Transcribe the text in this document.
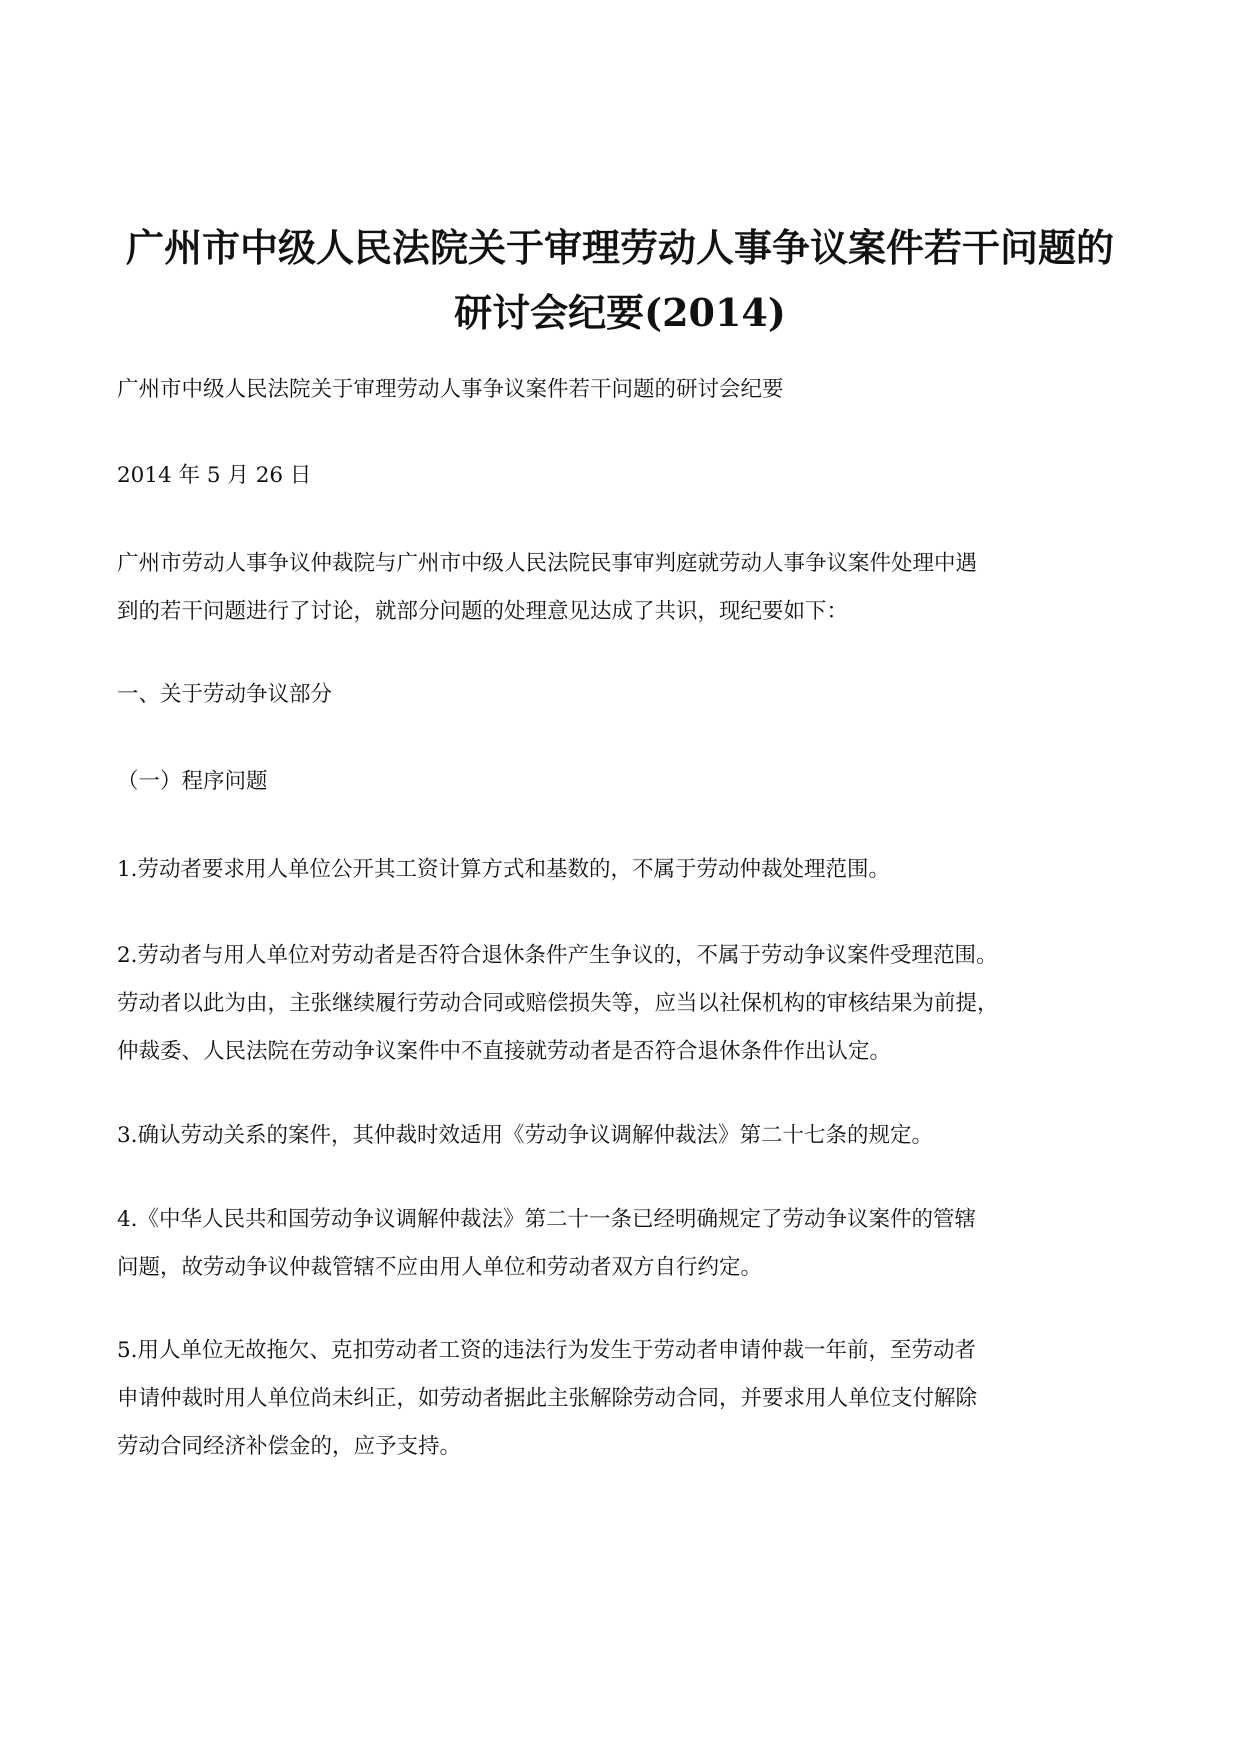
广州市中级人民法院关于审理劳动人事争议案件若干问题的
研讨会纪要(2014)

广州市中级人民法院关于审理劳动人事争议案件若干问题的研讨会纪要

2014 年 5 月 26 日

广州市劳动人事争议仲裁院与广州市中级人民法院民事审判庭就劳动人事争议案件处理中遇

到的若干问题进行了讨论，就部分问题的处理意见达成了共识，现纪要如下：

一、关于劳动争议部分

（一）程序问题

1.劳动者要求用人单位公开其工资计算方式和基数的，不属于劳动仲裁处理范围。

2.劳动者与用人单位对劳动者是否符合退休条件产生争议的，不属于劳动争议案件受理范围。

劳动者以此为由，主张继续履行劳动合同或赔偿损失等，应当以社保机构的审核结果为前提，

仲裁委、人民法院在劳动争议案件中不直接就劳动者是否符合退休条件作出认定。

3.确认劳动关系的案件，其仲裁时效适用《劳动争议调解仲裁法》第二十七条的规定。

4.《中华人民共和国劳动争议调解仲裁法》第二十一条已经明确规定了劳动争议案件的管辖

问题，故劳动争议仲裁管辖不应由用人单位和劳动者双方自行约定。

5.用人单位无故拖欠、克扣劳动者工资的违法行为发生于劳动者申请仲裁一年前，至劳动者

申请仲裁时用人单位尚未纠正，如劳动者据此主张解除劳动合同，并要求用人单位支付解除

劳动合同经济补偿金的，应予支持。
